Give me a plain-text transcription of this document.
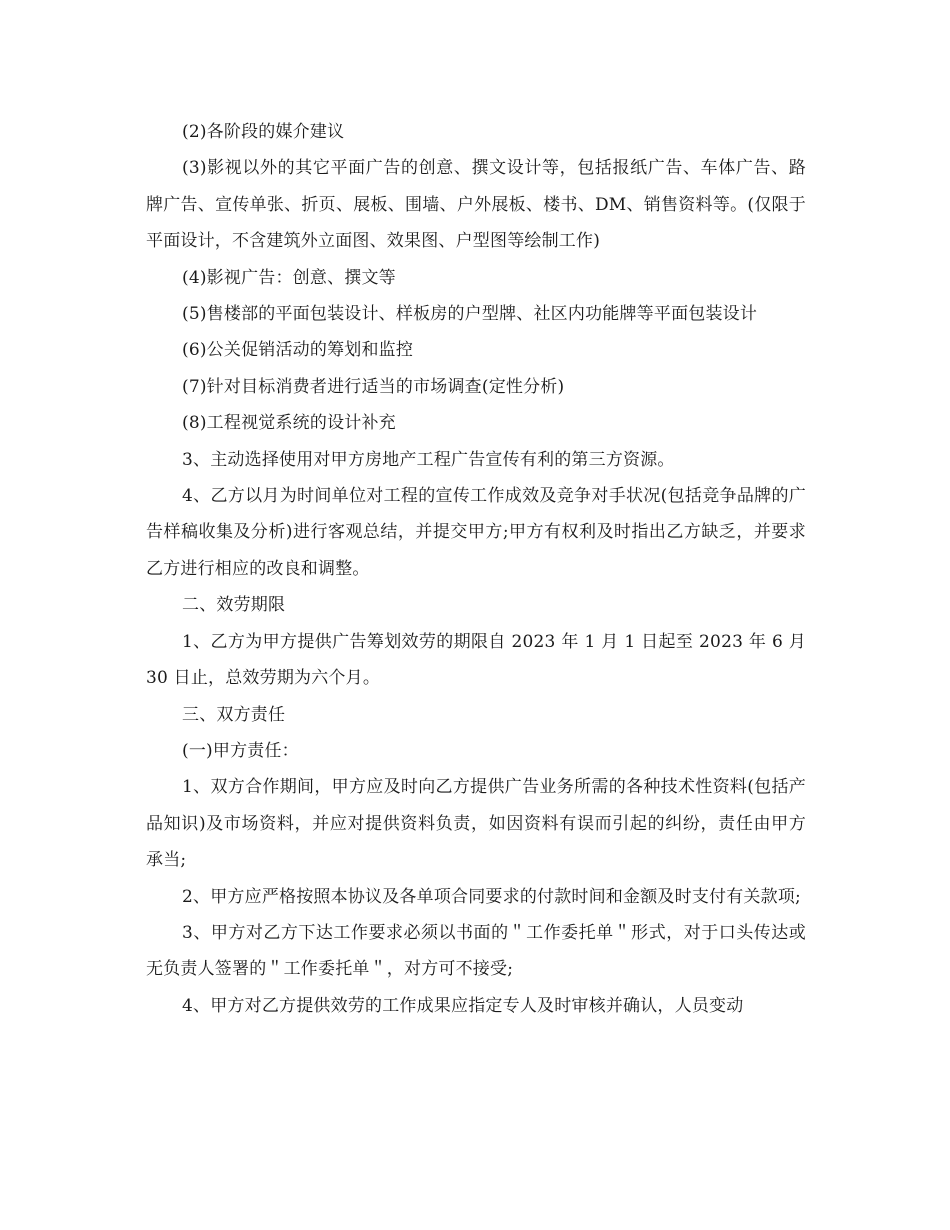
(2)各阶段的媒介建议

(3)影视以外的其它平面广告的创意、撰文设计等，包括报纸广告、车体广告、路牌广告、宣传单张、折页、展板、围墙、户外展板、楼书、DM、销售资料等。(仅限于平面设计，不含建筑外立面图、效果图、户型图等绘制工作)

(4)影视广告：创意、撰文等

(5)售楼部的平面包装设计、样板房的户型牌、社区内功能牌等平面包装设计

(6)公关促销活动的筹划和监控

(7)针对目标消费者进行适当的市场调查(定性分析)

(8)工程视觉系统的设计补充

3、主动选择使用对甲方房地产工程广告宣传有利的第三方资源。

4、乙方以月为时间单位对工程的宣传工作成效及竞争对手状况(包括竞争品牌的广告样稿收集及分析)进行客观总结，并提交甲方;甲方有权利及时指出乙方缺乏，并要求乙方进行相应的改良和调整。

二、效劳期限

1、乙方为甲方提供广告筹划效劳的期限自 2023 年 1 月 1 日起至 2023 年 6 月 30 日止，总效劳期为六个月。

三、双方责任

(一)甲方责任：

1、双方合作期间，甲方应及时向乙方提供广告业务所需的各种技术性资料(包括产品知识)及市场资料，并应对提供资料负责，如因资料有误而引起的纠纷，责任由甲方承当;

2、甲方应严格按照本协议及各单项合同要求的付款时间和金额及时支付有关款项;

3、甲方对乙方下达工作要求必须以书面的＂工作委托单＂形式，对于口头传达或无负责人签署的＂工作委托单＂，对方可不接受;

4、甲方对乙方提供效劳的工作成果应指定专人及时审核并确认，人员变动
